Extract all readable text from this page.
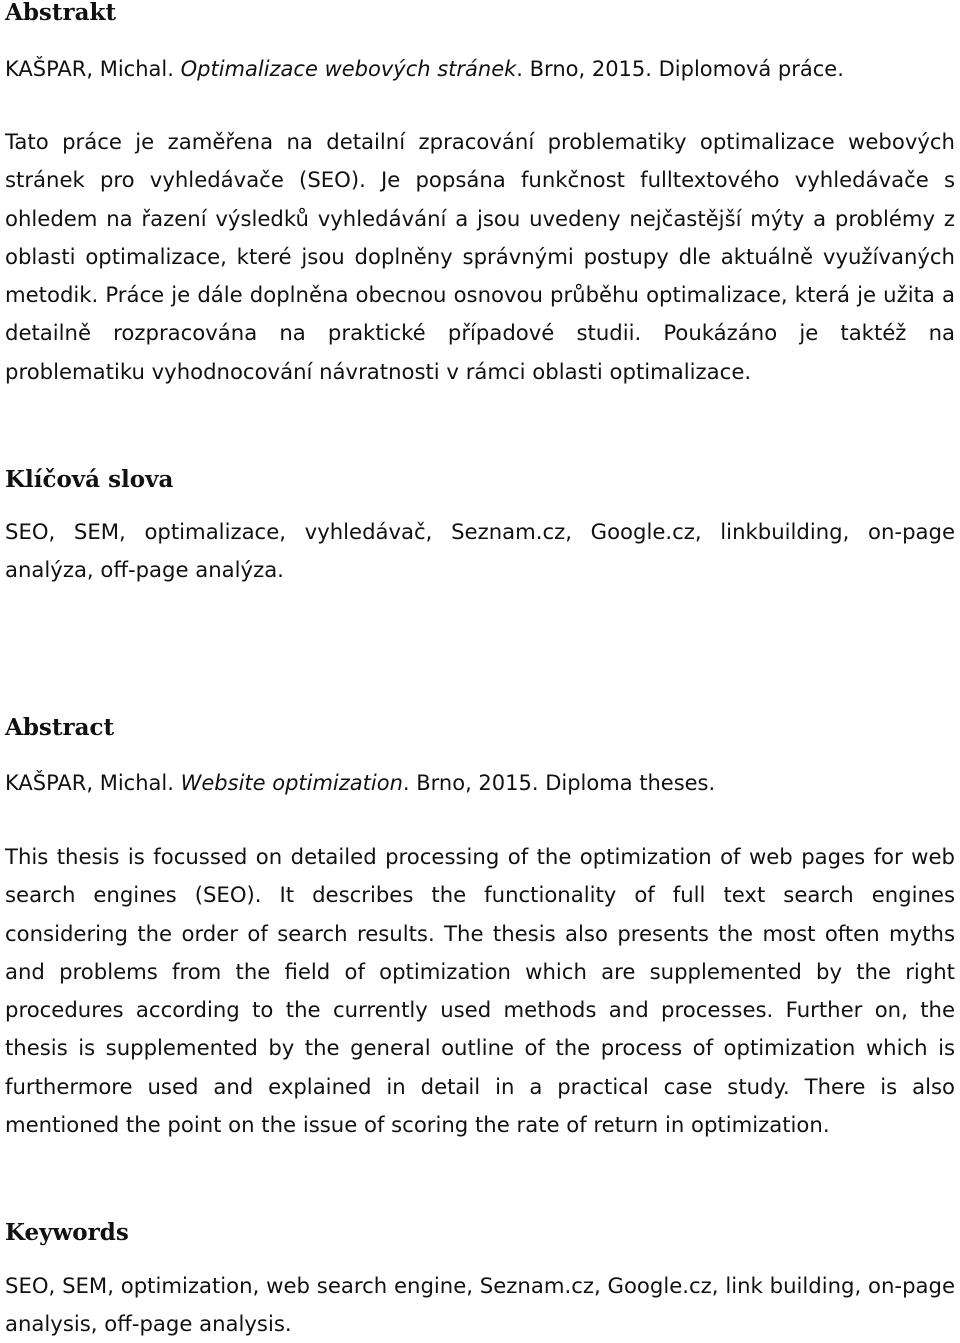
Abstrakt

KAŠPAR, Michal. Optimalizace webových stránek. Brno, 2015. Diplomová práce.

Tato práce je zaměřena na detailní zpracování problematiky optimalizace webových stránek pro vyhledávače (SEO). Je popsána funkčnost fulltextového vyhledávače s ohledem na řazení výsledků vyhledávání a jsou uvedeny nejčastější mýty a problémy z oblasti optimalizace, které jsou doplněny správnými postupy dle aktuálně využívaných metodik. Práce je dále doplněna obecnou osnovou průběhu optimalizace, která je užita a detailně rozpracována na praktické případové studii. Poukázáno je taktéž na problematiku vyhodnocování návratnosti v rámci oblasti optimalizace.

Klíčová slova

SEO, SEM, optimalizace, vyhledávač, Seznam.cz, Google.cz, linkbuilding, on-page analýza, off-page analýza.

Abstract

KAŠPAR, Michal. Website optimization. Brno, 2015. Diploma theses.

This thesis is focussed on detailed processing of the optimization of web pages for web search engines (SEO). It describes the functionality of full text search engines considering the order of search results. The thesis also presents the most often myths and problems from the field of optimization which are supplemented by the right procedures according to the currently used methods and processes. Further on, the thesis is supplemented by the general outline of the process of optimization which is furthermore used and explained in detail in a practical case study. There is also mentioned the point on the issue of scoring the rate of return in optimization.

Keywords

SEO, SEM, optimization, web search engine, Seznam.cz, Google.cz, link building, on-page analysis, off-page analysis.
